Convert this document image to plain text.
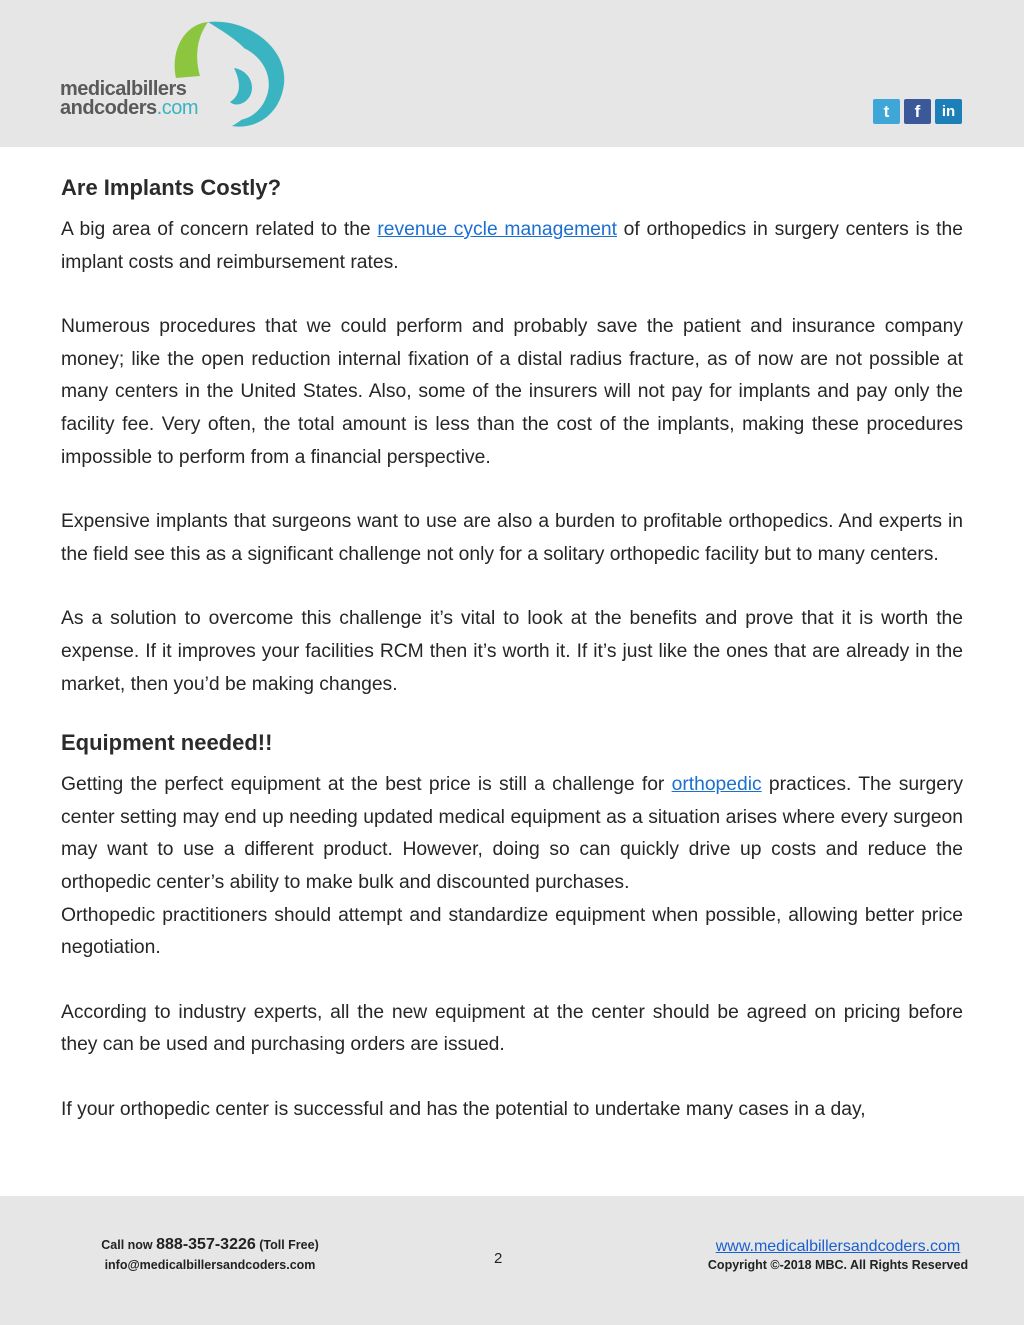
medicalbillers
andcoders.com	t	f	in
Are Implants Costly?

A big area of concern related to the revenue cycle management of orthopedics in surgery centers is the implant costs and reimbursement rates.

Numerous procedures that we could perform and probably save the patient and insurance company money; like the open reduction internal fixation of a distal radius fracture, as of now are not possible at many centers in the United States. Also, some of the insurers will not pay for implants and pay only the facility fee. Very often, the total amount is less than the cost of the implants, making these procedures impossible to perform from a financial perspective.

Expensive implants that surgeons want to use are also a burden to profitable orthopedics. And experts in the field see this as a significant challenge not only for a solitary orthopedic facility but to many centers.

As a solution to overcome this challenge it’s vital to look at the benefits and prove that it is worth the expense. If it improves your facilities RCM then it’s worth it. If it’s just like the ones that are already in the market, then you’d be making changes.

Equipment needed!!

Getting the perfect equipment at the best price is still a challenge for orthopedic practices. The surgery center setting may end up needing updated medical equipment as a situation arises where every surgeon may want to use a different product. However, doing so can quickly drive up costs and reduce the orthopedic center’s ability to make bulk and discounted purchases.

Orthopedic practitioners should attempt and standardize equipment when possible, allowing better price negotiation.

According to industry experts, all the new equipment at the center should be agreed on pricing before they can be used and purchasing orders are issued.

If your orthopedic center is successful and has the potential to undertake many cases in a day,

Call now 888-357-3226 (Toll Free)
info@medicalbillersandcoders.com	2
www.medicalbillersandcoders.com
Copyright ©-2018 MBC. All Rights Reserved
